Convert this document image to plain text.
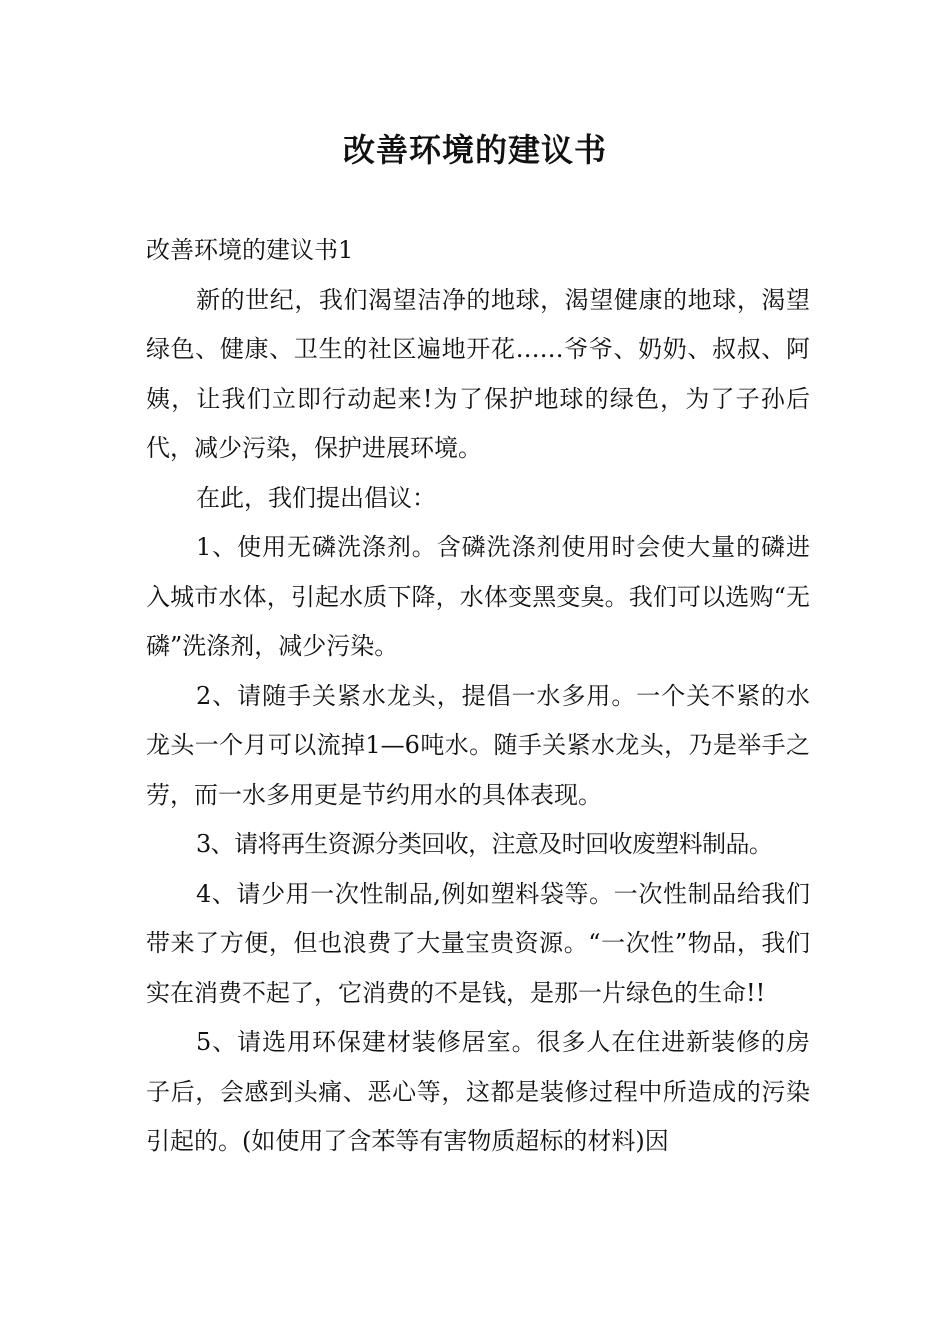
改善环境的建议书

改善环境的建议书1

新的世纪，我们渴望洁净的地球，渴望健康的地球，渴望绿色、健康、卫生的社区遍地开花……爷爷、奶奶、叔叔、阿姨，让我们立即行动起来!为了保护地球的绿色，为了子孙后代，减少污染，保护进展环境。

在此，我们提出倡议：

1、使用无磷洗涤剂。含磷洗涤剂使用时会使大量的磷进入城市水体，引起水质下降，水体变黑变臭。我们可以选购“无磷”洗涤剂，减少污染。

2、请随手关紧水龙头，提倡一水多用。一个关不紧的水龙头一个月可以流掉1—6吨水。随手关紧水龙头，乃是举手之劳，而一水多用更是节约用水的具体表现。

3、请将再生资源分类回收，注意及时回收废塑料制品。

4、请少用一次性制品,例如塑料袋等。一次性制品给我们带来了方便，但也浪费了大量宝贵资源。“一次性”物品，我们实在消费不起了，它消费的不是钱，是那一片绿色的生命!!

5、请选用环保建材装修居室。很多人在住进新装修的房子后，会感到头痛、恶心等，这都是装修过程中所造成的污染引起的。(如使用了含苯等有害物质超标的材料)因
